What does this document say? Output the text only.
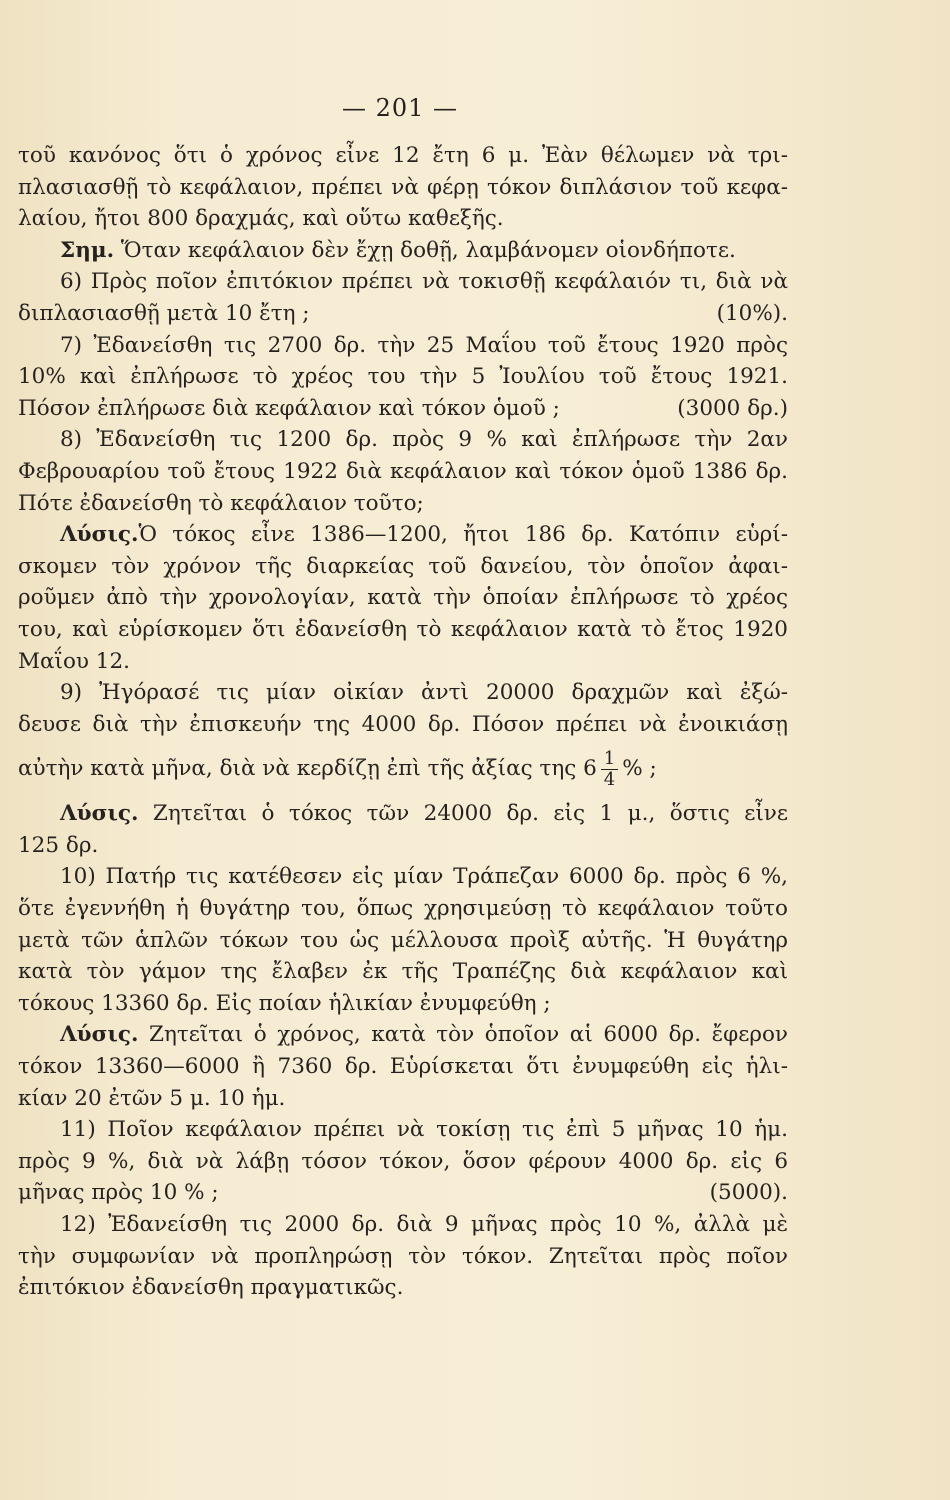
— 201 —
τοῦ κανόνος ὅτι ὁ χρόνος εἶνε 12 ἔτη 6 μ. Ἐὰν θέλωμεν νὰ τρι-
πλασιασθῇ τὸ κεφάλαιον, πρέπει νὰ φέρῃ τόκον διπλάσιον τοῦ κεφα-
λαίου, ἤτοι 800 δραχμάς, καὶ οὕτω καθεξῆς.
Σημ. Ὅταν κεφάλαιον δὲν ἔχῃ δοθῇ, λαμβάνομεν οἱονδήποτε.
6) Πρὸς ποῖον ἐπιτόκιον πρέπει νὰ τοκισθῇ κεφάλαιόν τι, διὰ νὰ
διπλασιασθῇ μετὰ 10 ἔτη ;	(10%).
7) Ἐδανείσθη τις 2700 δρ. τὴν 25 Μαΐου τοῦ ἔτους 1920 πρὸς
10% καὶ ἐπλήρωσε τὸ χρέος του τὴν 5 Ἰουλίου τοῦ ἔτους 1921.
Πόσον ἐπλήρωσε διὰ κεφάλαιον καὶ τόκον ὁμοῦ ;	(3000 δρ.)
8) Ἐδανείσθη τις 1200 δρ. πρὸς 9 % καὶ ἐπλήρωσε τὴν 2αν
Φεβρουαρίου τοῦ ἔτους 1922 διὰ κεφάλαιον καὶ τόκον ὁμοῦ 1386 δρ.
Πότε ἐδανείσθη τὸ κεφάλαιον τοῦτο;
Λύσις.Ὁ τόκος εἶνε 1386—1200, ἤτοι 186 δρ. Κατόπιν εὑρί-
σκομεν τὸν χρόνον τῆς διαρκείας τοῦ δανείου, τὸν ὁποῖον ἀφαι-
ροῦμεν ἀπὸ τὴν χρονολογίαν, κατὰ τὴν ὁποίαν ἐπλήρωσε τὸ χρέος
του, καὶ εὑρίσκομεν ὅτι ἐδανείσθη τὸ κεφάλαιον κατὰ τὸ ἔτος 1920
Μαΐου 12.
9) Ἠγόρασέ τις μίαν οἰκίαν ἀντὶ 20000 δραχμῶν καὶ ἐξώ-
δευσε διὰ τὴν ἐπισκευήν της 4000 δρ. Πόσον πρέπει νὰ ἐνοικιάσῃ
αὐτὴν κατὰ μῆνα, διὰ νὰ κερδίζῃ ἐπὶ τῆς ἀξίας της $6 \frac{1}{4}$ % ;
Λύσις. Ζητεῖται ὁ τόκος τῶν 24000 δρ. εἰς 1 μ., ὅστις εἶνε
125 δρ.
10) Πατήρ τις κατέθεσεν εἰς μίαν Τράπεζαν 6000 δρ. πρὸς 6 %,
ὅτε ἐγεννήθη ἡ θυγάτηρ του, ὅπως χρησιμεύσῃ τὸ κεφάλαιον τοῦτο
μετὰ τῶν ἁπλῶν τόκων του ὡς μέλλουσα προὶξ αὐτῆς. Ἡ θυγάτηρ
κατὰ τὸν γάμον της ἔλαβεν ἐκ τῆς Τραπέζης διὰ κεφάλαιον καὶ
τόκους 13360 δρ. Εἰς ποίαν ἡλικίαν ἐνυμφεύθη ;
Λύσις. Ζητεῖται ὁ χρόνος, κατὰ τὸν ὁποῖον αἱ 6000 δρ. ἔφερον
τόκον 13360—6000 ἢ 7360 δρ. Εὑρίσκεται ὅτι ἐνυμφεύθη εἰς ἡλι-
κίαν 20 ἐτῶν 5 μ. 10 ἡμ.
11) Ποῖον κεφάλαιον πρέπει νὰ τοκίσῃ τις ἐπὶ 5 μῆνας 10 ἡμ.
πρὸς 9 %, διὰ νὰ λάβῃ τόσον τόκον, ὅσον φέρουν 4000 δρ. εἰς 6
μῆνας πρὸς 10 % ;	(5000).
12) Ἐδανείσθη τις 2000 δρ. διὰ 9 μῆνας πρὸς 10 %, ἀλλὰ μὲ
τὴν συμφωνίαν νὰ προπληρώσῃ τὸν τόκον. Ζητεῖται πρὸς ποῖον
ἐπιτόκιον ἐδανείσθη πραγματικῶς.
